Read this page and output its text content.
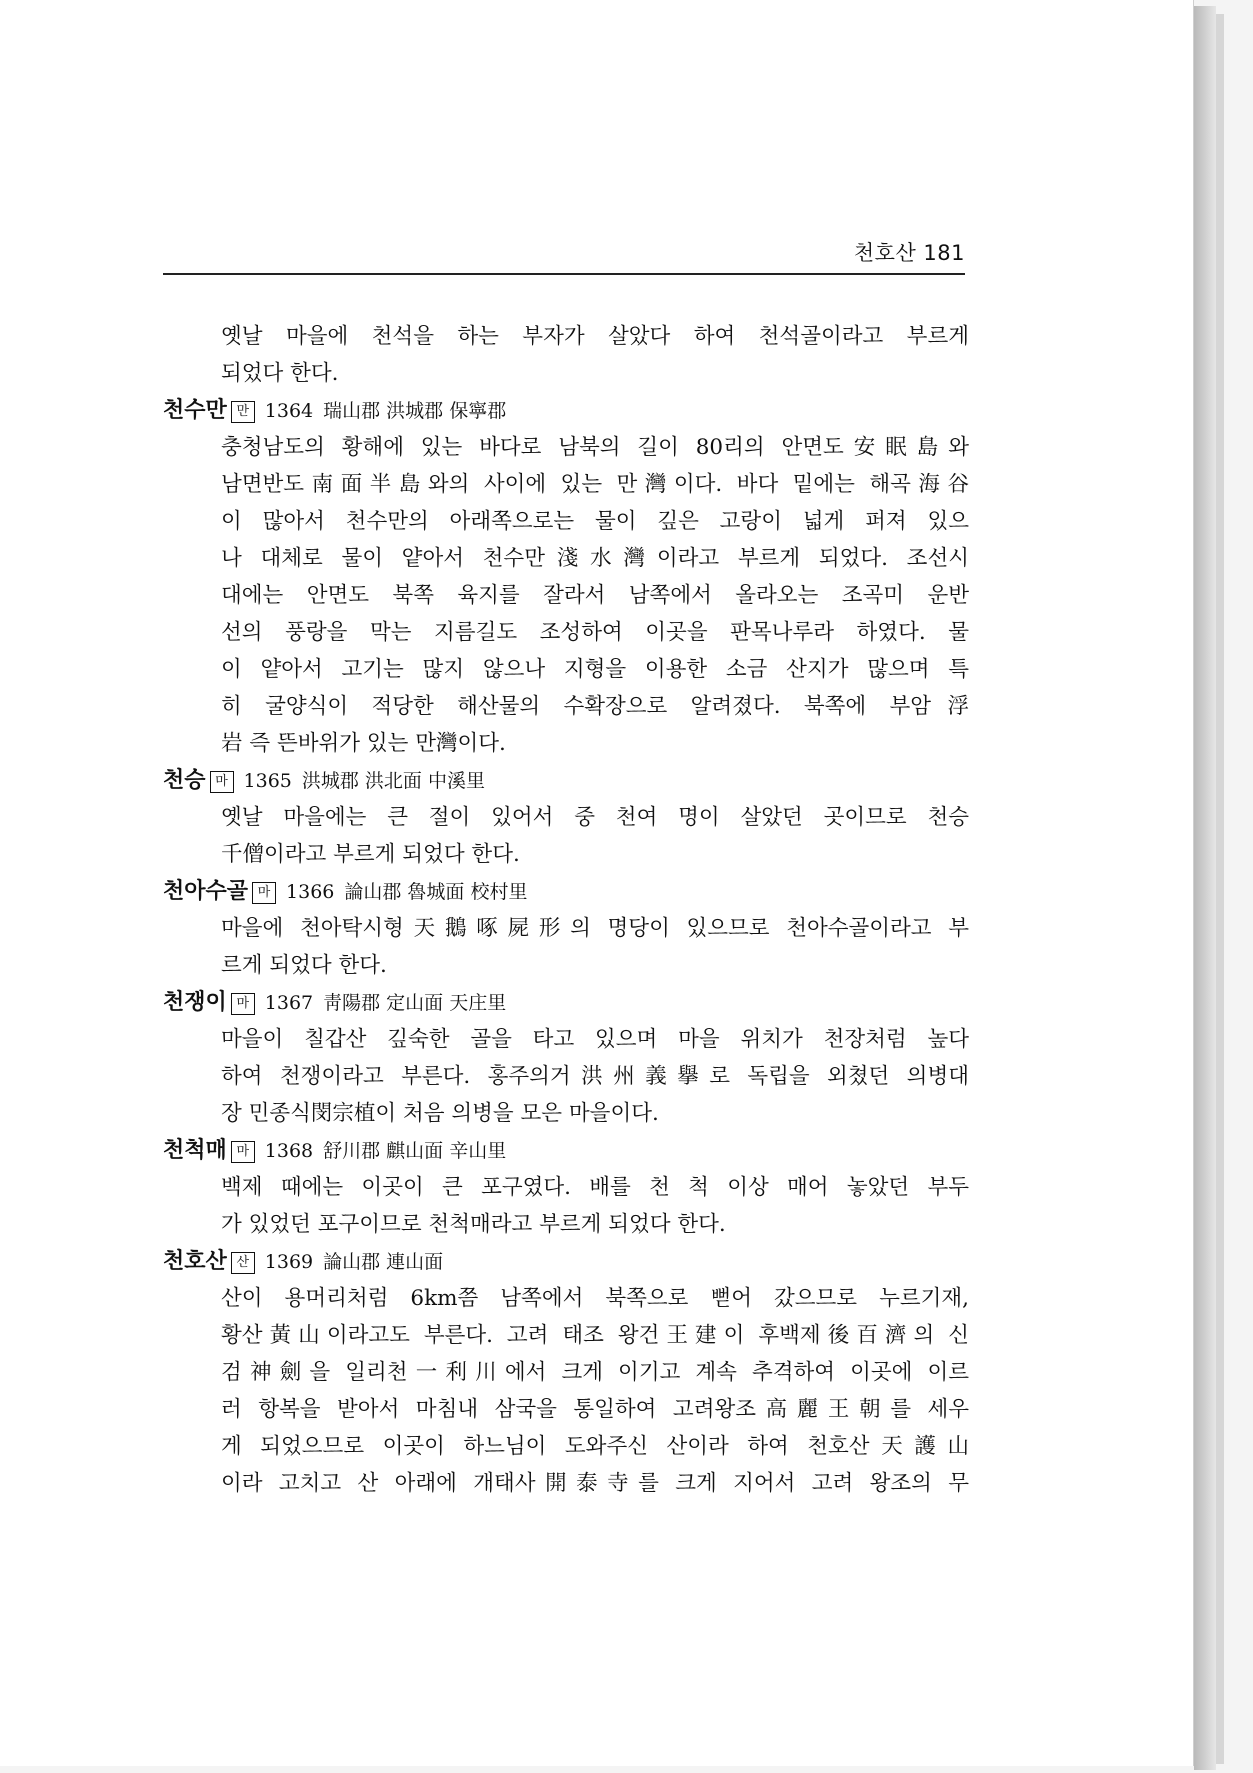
천호산 181
옛날 마을에 천석을 하는 부자가 살았다 하여 천석골이라고 부르게
되었다 한다.
천수만 만 1364 瑞山郡 洪城郡 保寧郡
충청남도의 황해에 있는 바다로 남북의 길이 80리의 안면도安眠島와
남면반도南面半島와의 사이에 있는 만灣이다. 바다 밑에는 해곡海谷
이 많아서 천수만의 아래쪽으로는 물이 깊은 고랑이 넓게 퍼져 있으
나 대체로 물이 얕아서 천수만淺水灣이라고 부르게 되었다. 조선시
대에는 안면도 북쪽 육지를 잘라서 남쪽에서 올라오는 조곡미 운반
선의 풍랑을 막는 지름길도 조성하여 이곳을 판목나루라 하였다. 물
이 얕아서 고기는 많지 않으나 지형을 이용한 소금 산지가 많으며 특
히 굴양식이 적당한 해산물의 수확장으로 알려졌다. 북쪽에 부암浮
岩 즉 뜬바위가 있는 만灣이다.
천승 마 1365 洪城郡 洪北面 中溪里
옛날 마을에는 큰 절이 있어서 중 천여 명이 살았던 곳이므로 천승
千僧이라고 부르게 되었다 한다.
천아수골 마 1366 論山郡 魯城面 校村里
마을에 천아탁시형天鵝啄屍形의 명당이 있으므로 천아수골이라고 부
르게 되었다 한다.
천쟁이 마 1367 靑陽郡 定山面 天庄里
마을이 칠갑산 깊숙한 골을 타고 있으며 마을 위치가 천장처럼 높다
하여 천쟁이라고 부른다. 홍주의거洪州義擧로 독립을 외쳤던 의병대
장 민종식閔宗植이 처음 의병을 모은 마을이다.
천척매 마 1368 舒川郡 麒山面 辛山里
백제 때에는 이곳이 큰 포구였다. 배를 천 척 이상 매어 놓았던 부두
가 있었던 포구이므로 천척매라고 부르게 되었다 한다.
천호산 산 1369 論山郡 連山面
산이 용머리처럼 6km쯤 남쪽에서 북쪽으로 뻗어 갔으므로 누르기재,
황산黃山이라고도 부른다. 고려 태조 왕건王建이 후백제後百濟의 신
검神劍을 일리천一利川에서 크게 이기고 계속 추격하여 이곳에 이르
러 항복을 받아서 마침내 삼국을 통일하여 고려왕조高麗王朝를 세우
게 되었으므로 이곳이 하느님이 도와주신 산이라 하여 천호산天護山
이라 고치고 산 아래에 개태사開泰寺를 크게 지어서 고려 왕조의 무
